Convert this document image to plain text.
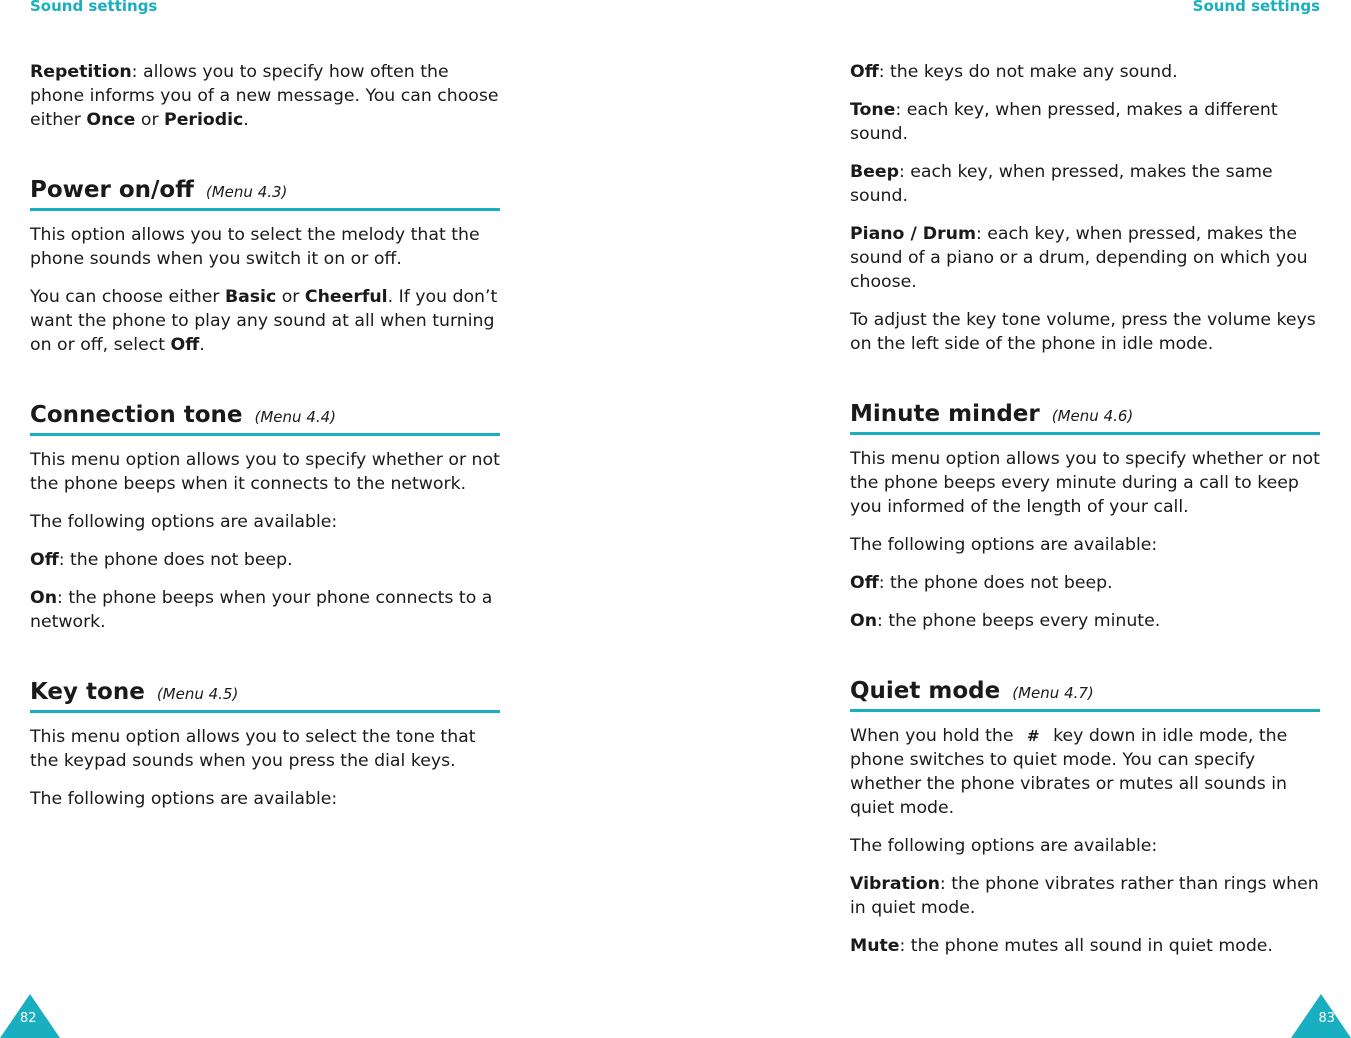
Sound settings	Sound settings

Repetition: allows you to specify how often the phone informs you of a new message. You can choose either Once or Periodic.

Power on/off (Menu 4.3)

This option allows you to select the melody that the phone sounds when you switch it on or off.

You can choose either Basic or Cheerful. If you don’t want the phone to play any sound at all when turning on or off, select Off.

Connection tone (Menu 4.4)

This menu option allows you to specify whether or not the phone beeps when it connects to the network.

The following options are available:

Off: the phone does not beep.

On: the phone beeps when your phone connects to a network.

Key tone (Menu 4.5)

This menu option allows you to select the tone that the keypad sounds when you press the dial keys.

The following options are available:

Off: the keys do not make any sound.

Tone: each key, when pressed, makes a different sound.

Beep: each key, when pressed, makes the same sound.

Piano / Drum: each key, when pressed, makes the sound of a piano or a drum, depending on which you choose.

To adjust the key tone volume, press the volume keys on the left side of the phone in idle mode.

Minute minder (Menu 4.6)

This menu option allows you to specify whether or not the phone beeps every minute during a call to keep you informed of the length of your call.

The following options are available:

Off: the phone does not beep.

On: the phone beeps every minute.

Quiet mode (Menu 4.7)

When you hold the # key down in idle mode, the phone switches to quiet mode. You can specify whether the phone vibrates or mutes all sounds in quiet mode.

The following options are available:

Vibration: the phone vibrates rather than rings when in quiet mode.

Mute: the phone mutes all sound in quiet mode.

82	83
